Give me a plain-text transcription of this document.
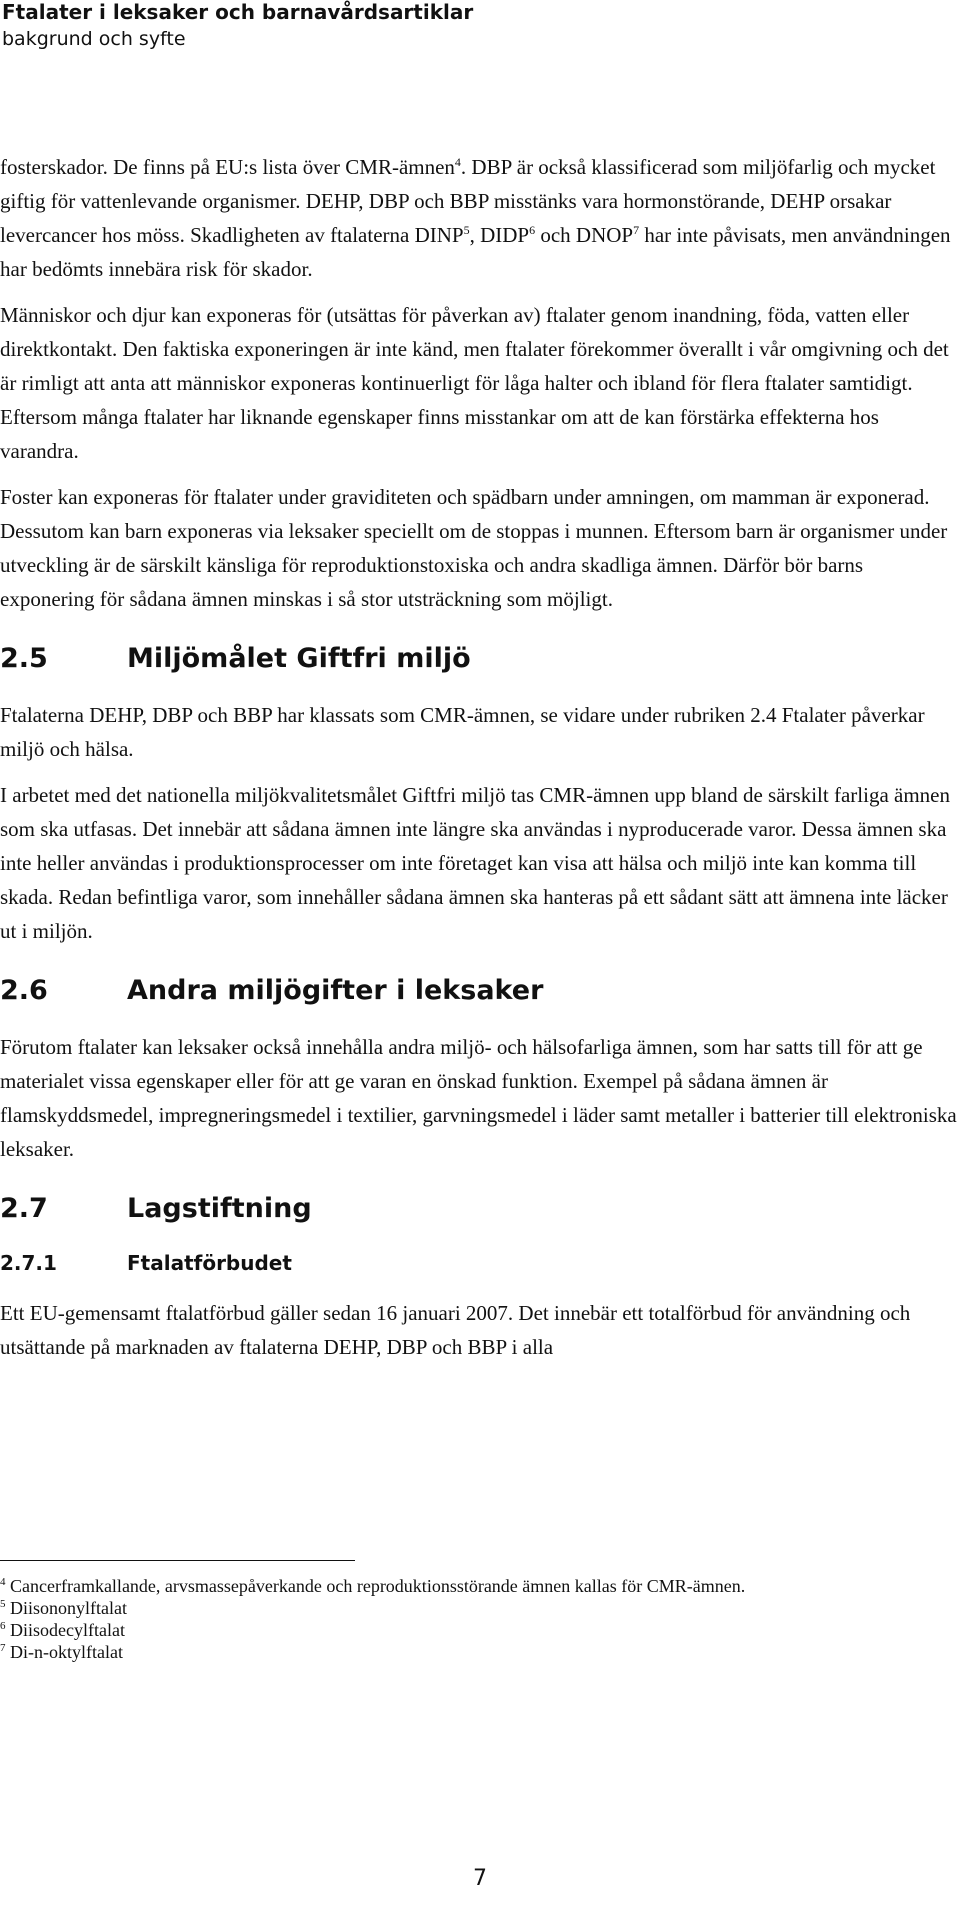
Ftalater i leksaker och barnavårdsartiklar
bakgrund och syfte

fosterskador. De finns på EU:s lista över CMR-ämnen$^4$. DBP är också klassificerad som miljöfarlig och mycket giftig för vattenlevande organismer. DEHP, DBP och BBP misstänks vara hormonstörande, DEHP orsakar levercancer hos möss. Skadligheten av ftalaterna DINP$^5$, DIDP$^6$ och DNOP$^7$ har inte påvisats, men användningen har bedömts innebära risk för skador.

Människor och djur kan exponeras för (utsättas för påverkan av) ftalater genom inandning, föda, vatten eller direktkontakt. Den faktiska exponeringen är inte känd, men ftalater förekommer överallt i vår omgivning och det är rimligt att anta att människor exponeras kontinuerligt för låga halter och ibland för flera ftalater samtidigt. Eftersom många ftalater har liknande egenskaper finns misstankar om att de kan förstärka effekterna hos varandra.

Foster kan exponeras för ftalater under graviditeten och spädbarn under amningen, om mamman är exponerad. Dessutom kan barn exponeras via leksaker speciellt om de stoppas i munnen. Eftersom barn är organismer under utveckling är de särskilt känsliga för reproduktionstoxiska och andra skadliga ämnen. Därför bör barns exponering för sådana ämnen minskas i så stor utsträckning som möjligt.

2.5	Miljömålet Giftfri miljö

Ftalaterna DEHP, DBP och BBP har klassats som CMR-ämnen, se vidare under rubriken 2.4 Ftalater påverkar miljö och hälsa.

I arbetet med det nationella miljökvalitetsmålet Giftfri miljö tas CMR-ämnen upp bland de särskilt farliga ämnen som ska utfasas. Det innebär att sådana ämnen inte längre ska användas i nyproducerade varor. Dessa ämnen ska inte heller användas i produktionsprocesser om inte företaget kan visa att hälsa och miljö inte kan komma till skada. Redan befintliga varor, som innehåller sådana ämnen ska hanteras på ett sådant sätt att ämnena inte läcker ut i miljön.

2.6	Andra miljögifter i leksaker

Förutom ftalater kan leksaker också innehålla andra miljö- och hälsofarliga ämnen, som har satts till för att ge materialet vissa egenskaper eller för att ge varan en önskad funktion. Exempel på sådana ämnen är flamskyddsmedel, impregneringsmedel i textilier, garvningsmedel i läder samt metaller i batterier till elektroniska leksaker.

2.7	Lagstiftning
2.7.1	Ftalatförbudet

Ett EU-gemensamt ftalatförbud gäller sedan 16 januari 2007. Det innebär ett totalförbud för användning och utsättande på marknaden av ftalaterna DEHP, DBP och BBP i alla

$^4$ Cancerframkallande, arvsmassepåverkande och reproduktionsstörande ämnen kallas för CMR-ämnen.
$^5$ Diisononylftalat
$^6$ Diisodecylftalat
$^7$ Di-n-oktylftalat
7
